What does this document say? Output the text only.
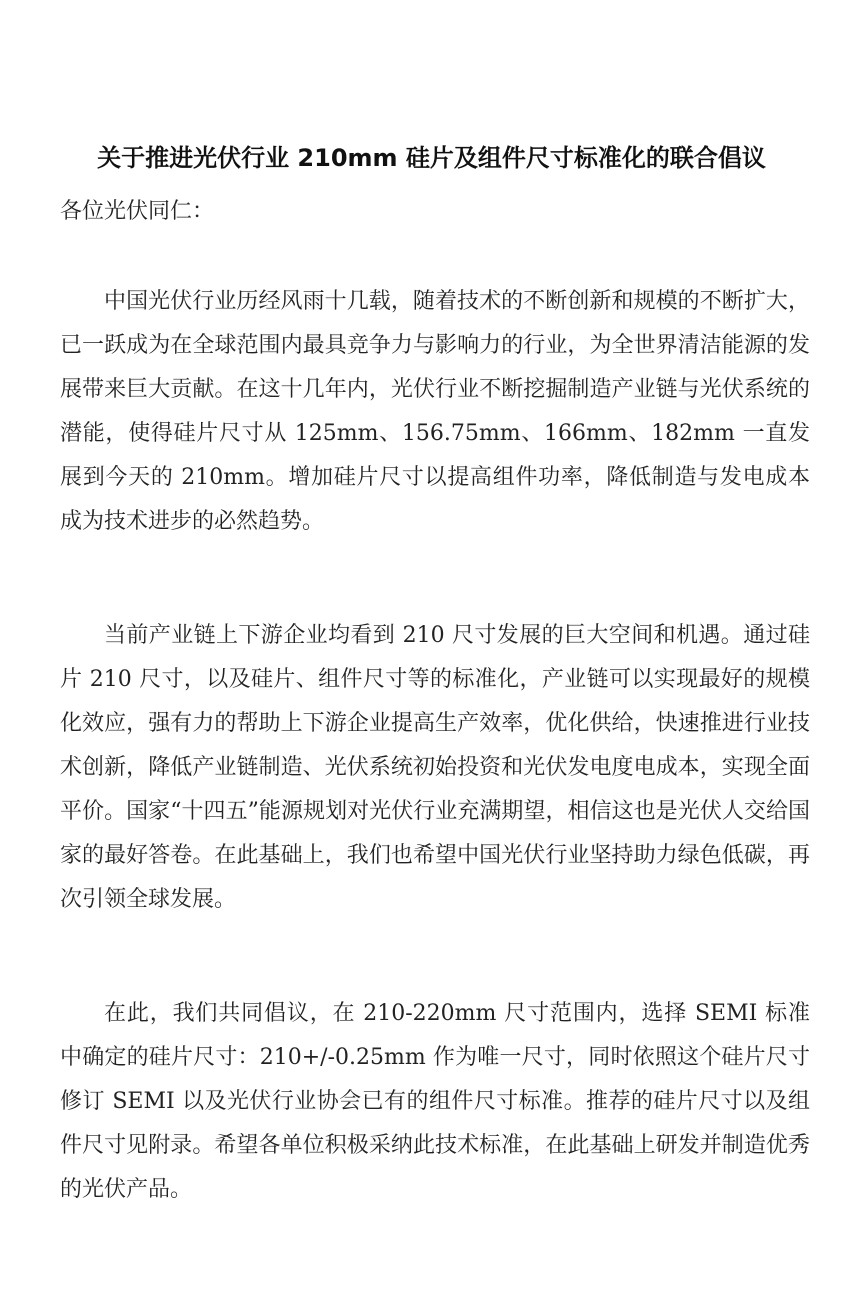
关于推进光伏行业 210mm 硅片及组件尺寸标准化的联合倡议

各位光伏同仁：

中国光伏行业历经风雨十几载，随着技术的不断创新和规模的不断扩大，已一跃成为在全球范围内最具竞争力与影响力的行业，为全世界清洁能源的发展带来巨大贡献。在这十几年内，光伏行业不断挖掘制造产业链与光伏系统的潜能，使得硅片尺寸从 125mm、156.75mm、166mm、182mm 一直发展到今天的 210mm。增加硅片尺寸以提高组件功率，降低制造与发电成本成为技术进步的必然趋势。

当前产业链上下游企业均看到 210 尺寸发展的巨大空间和机遇。通过硅片 210 尺寸，以及硅片、组件尺寸等的标准化，产业链可以实现最好的规模化效应，强有力的帮助上下游企业提高生产效率，优化供给，快速推进行业技术创新，降低产业链制造、光伏系统初始投资和光伏发电度电成本，实现全面平价。国家“十四五”能源规划对光伏行业充满期望，相信这也是光伏人交给国家的最好答卷。在此基础上，我们也希望中国光伏行业坚持助力绿色低碳，再次引领全球发展。

在此，我们共同倡议，在 210-220mm 尺寸范围内，选择 SEMI 标准中确定的硅片尺寸：210+/-0.25mm 作为唯一尺寸，同时依照这个硅片尺寸修订 SEMI 以及光伏行业协会已有的组件尺寸标准。推荐的硅片尺寸以及组件尺寸见附录。希望各单位积极采纳此技术标准，在此基础上研发并制造优秀的光伏产品。
